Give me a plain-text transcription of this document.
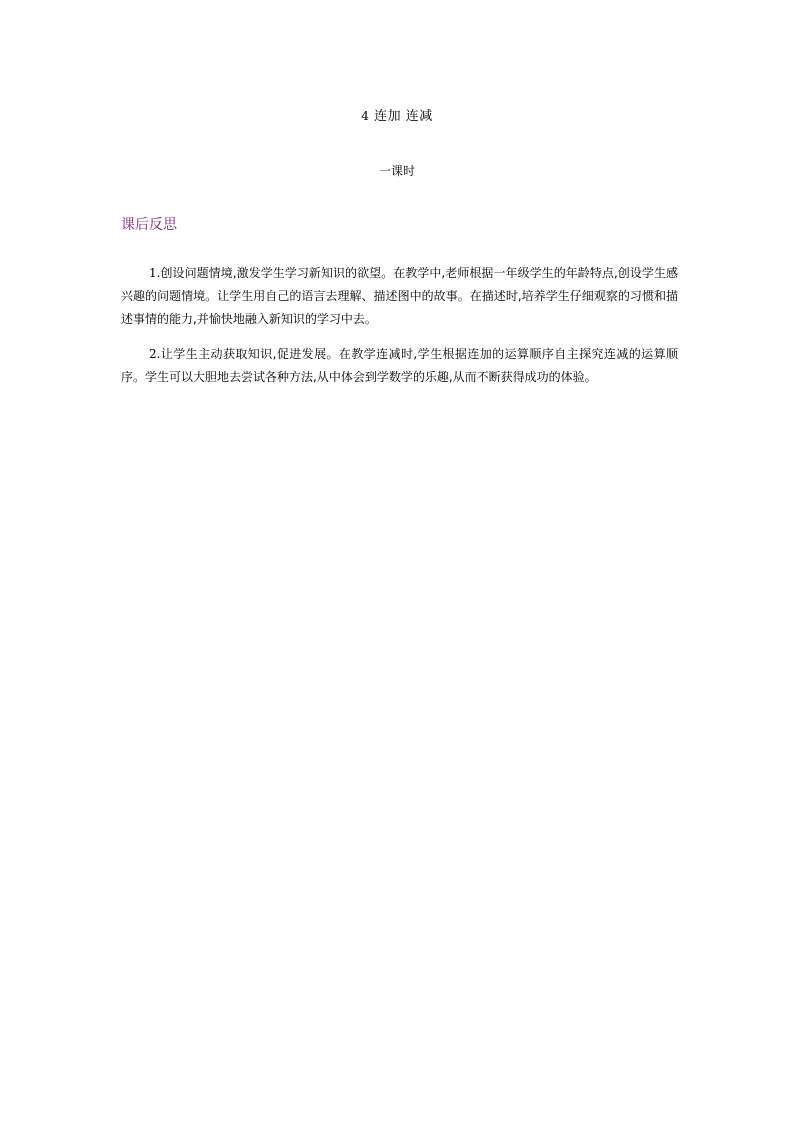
4 连加 连减
一课时
课后反思

1.创设问题情境,激发学生学习新知识的欲望。在教学中,老师根据一年级学生的年龄特点,创设学生感兴趣的问题情境。让学生用自己的语言去理解、描述图中的故事。在描述时,培养学生仔细观察的习惯和描述事情的能力,并愉快地融入新知识的学习中去。

2.让学生主动获取知识,促进发展。在教学连减时,学生根据连加的运算顺序自主探究连减的运算顺序。学生可以大胆地去尝试各种方法,从中体会到学数学的乐趣,从而不断获得成功的体验。
